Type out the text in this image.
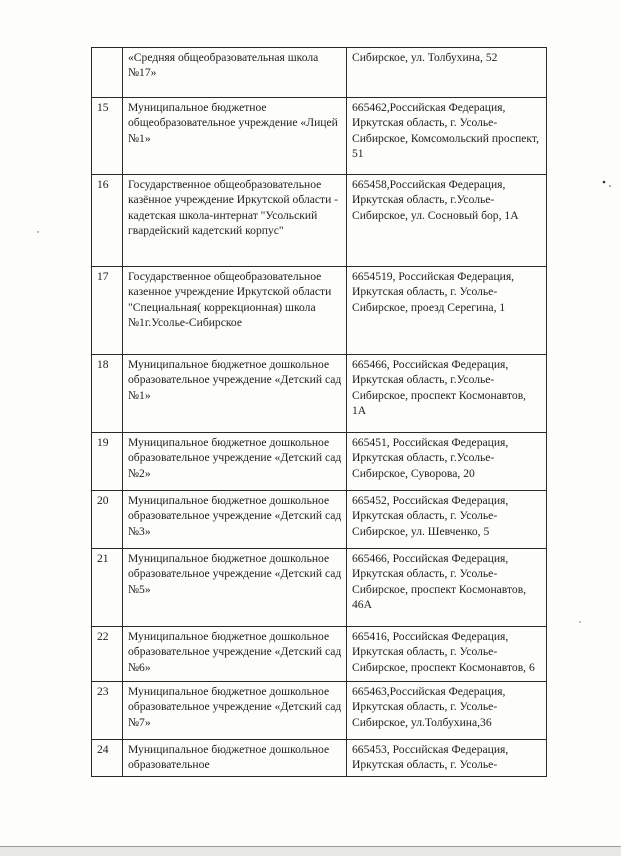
	«Средняя общеобразовательная школа №17»	Сибирское, ул. Толбухина, 52
15	Муниципальное бюджетное общеобразовательное учреждение «Лицей №1»	665462,Российская Федерация, Иркутская область, г. Усолье-Сибирское, Комсомольский проспект, 51
16	Государственное общеобразовательное казённое учреждение Иркутской области - кадетская школа-интернат "Усольский гвардейский кадетский корпус"	665458,Российская Федерация, Иркутская область, г.Усолье-Сибирское, ул. Сосновый бор, 1А
17	Государственное общеобразовательное казенное учреждение Иркутской области "Специальная( коррекционная) школа №1г.Усолье-Сибирское	6654519, Российская Федерация, Иркутская область, г. Усолье-Сибирское, проезд Серегина, 1
18	Муниципальное бюджетное дошкольное образовательное учреждение «Детский сад №1»	665466, Российская Федерация, Иркутская область, г.Усолье-Сибирское, проспект Космонавтов, 1А
19	Муниципальное бюджетное дошкольное образовательное учреждение «Детский сад №2»	665451, Российская Федерация, Иркутская область, г.Усолье-Сибирское, Суворова, 20
20	Муниципальное бюджетное дошкольное образовательное учреждение «Детский сад №3»	665452, Российская Федерация, Иркутская область, г. Усолье-Сибирское, ул. Шевченко, 5
21	Муниципальное бюджетное дошкольное образовательное учреждение «Детский сад №5»	665466, Российская Федерация, Иркутская область, г. Усолье-Сибирское, проспект Космонавтов, 46А
22	Муниципальное бюджетное дошкольное образовательное учреждение «Детский сад №6»	665416, Российская Федерация, Иркутская область, г. Усолье-Сибирское, проспект Космонавтов, 6
23	Муниципальное бюджетное дошкольное образовательное учреждение «Детский сад №7»	665463,Российская Федерация, Иркутская область, г. Усолье-Сибирское, ул.Толбухина,36
24	Муниципальное бюджетное дошкольное образовательное	665453, Российская Федерация, Иркутская область, г. Усолье-
